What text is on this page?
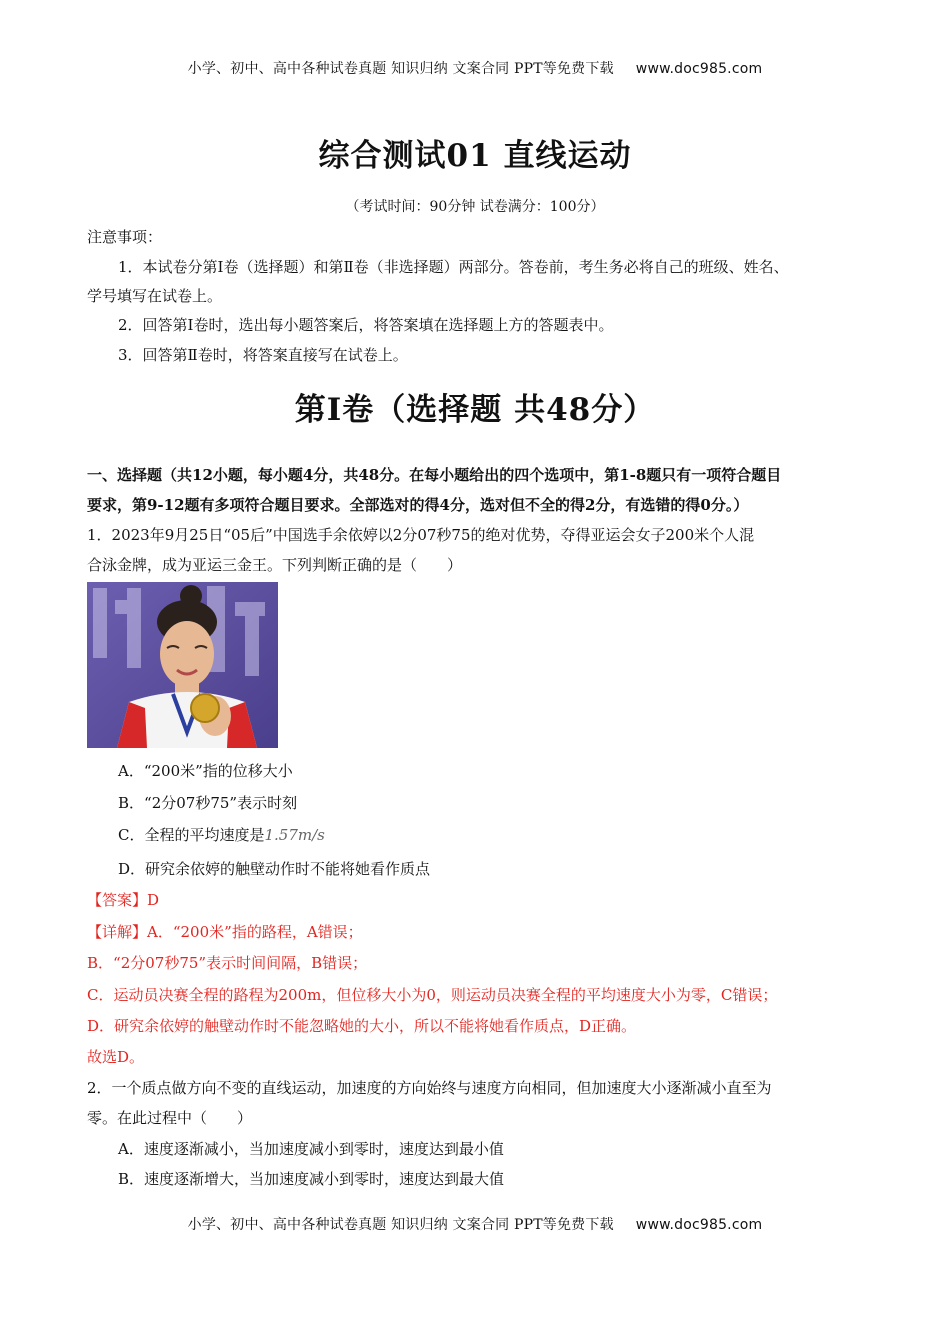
小学、初中、高中各种试卷真题 知识归纳 文案合同 PPT等免费下载 www.doc985.com
综合测试01 直线运动
（考试时间：90分钟 试卷满分：100分）
注意事项：
1．本试卷分第Ⅰ卷（选择题）和第Ⅱ卷（非选择题）两部分。答卷前，考生务必将自己的班级、姓名、
学号填写在试卷上。
2．回答第Ⅰ卷时，选出每小题答案后，将答案填在选择题上方的答题表中。
3．回答第Ⅱ卷时，将答案直接写在试卷上。
第Ⅰ卷（选择题 共48分）
一、选择题（共12小题，每小题4分，共48分。在每小题给出的四个选项中，第1-8题只有一项符合题目
要求，第9-12题有多项符合题目要求。全部选对的得4分，选对但不全的得2分，有选错的得0分。）
1．2023年9月25日“05后”中国选手余依婷以2分07秒75的绝对优势，夺得亚运会女子200米个人混
合泳金牌，成为亚运三金王。下列判断正确的是（　　）
A．“200米”指的位移大小
B．“2分07秒75”表示时刻
C．全程的平均速度是1.57m/s
D．研究余依婷的触壁动作时不能将她看作质点
【答案】D
【详解】A．“200米”指的路程，A错误；
B．“2分07秒75”表示时间间隔，B错误；
C．运动员决赛全程的路程为200m，但位移大小为0，则运动员决赛全程的平均速度大小为零，C错误；
D．研究余依婷的触壁动作时不能忽略她的大小，所以不能将她看作质点，D正确。
故选D。
2．一个质点做方向不变的直线运动，加速度的方向始终与速度方向相同，但加速度大小逐渐减小直至为
零。在此过程中（　　）
A．速度逐渐减小，当加速度减小到零时，速度达到最小值
B．速度逐渐增大，当加速度减小到零时，速度达到最大值
小学、初中、高中各种试卷真题 知识归纳 文案合同 PPT等免费下载 www.doc985.com
